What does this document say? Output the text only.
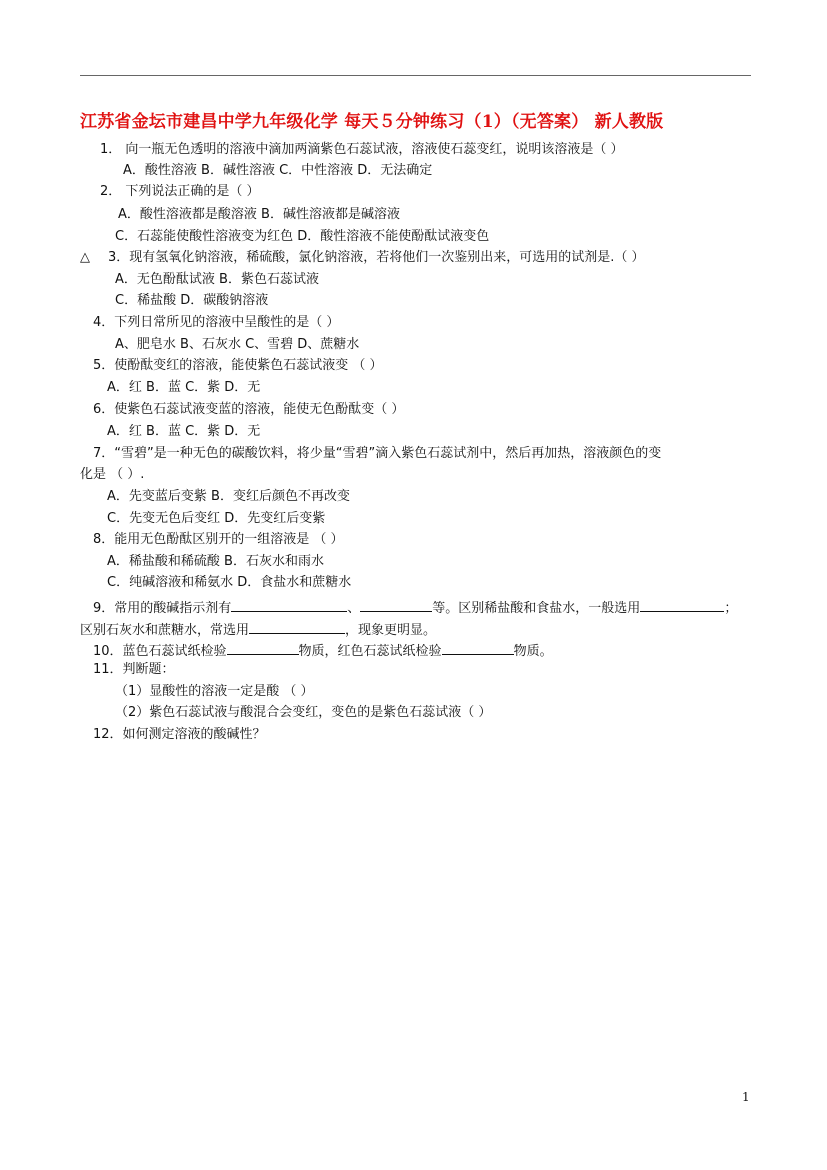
江苏省金坛市建昌中学九年级化学 每天５分钟练习（1）（无答案） 新人教版
1． 向一瓶无色透明的溶液中滴加两滴紫色石蕊试液，溶液使石蕊变红，说明该溶液是（ ）
A．酸性溶液 B．碱性溶液 C．中性溶液 D．无法确定
2． 下列说法正确的是（ ）
A．酸性溶液都是酸溶液 B．碱性溶液都是碱溶液
C．石蕊能使酸性溶液变为红色 D．酸性溶液不能使酚酞试液变色
△ 3．现有氢氧化钠溶液，稀硫酸，氯化钠溶液，若将他们一次鉴别出来，可选用的试剂是.（ ）
A．无色酚酞试液 B．紫色石蕊试液
C．稀盐酸 D．碳酸钠溶液
4．下列日常所见的溶液中呈酸性的是（ ）
A、肥皂水 B、石灰水 C、雪碧 D、蔗糖水
5．使酚酞变红的溶液，能使紫色石蕊试液变 （ ）
A．红 B．蓝 C．紫 D．无
6．使紫色石蕊试液变蓝的溶液，能使无色酚酞变（ ）
A．红 B．蓝 C．紫 D．无
7．“雪碧”是一种无色的碳酸饮料，将少量“雪碧”滴入紫色石蕊试剂中，然后再加热，溶液颜色的变
化是 （ ）.
A．先变蓝后变紫 B．变红后颜色不再改变
C．先变无色后变红 D．先变红后变紫
8．能用无色酚酞区别开的一组溶液是 （ ）
A．稀盐酸和稀硫酸 B．石灰水和雨水
C．纯碱溶液和稀氨水 D．食盐水和蔗糖水
9．常用的酸碱指示剂有	、	等。区别稀盐酸和食盐水，一般选用	；
区别石灰水和蔗糖水，常选用	，现象更明显。
10．蓝色石蕊试纸检验	物质，红色石蕊试纸检验	物质。
11．判断题：
（1）显酸性的溶液一定是酸 （ ）
（2）紫色石蕊试液与酸混合会变红，变色的是紫色石蕊试液（ ）
12．如何测定溶液的酸碱性？
1
